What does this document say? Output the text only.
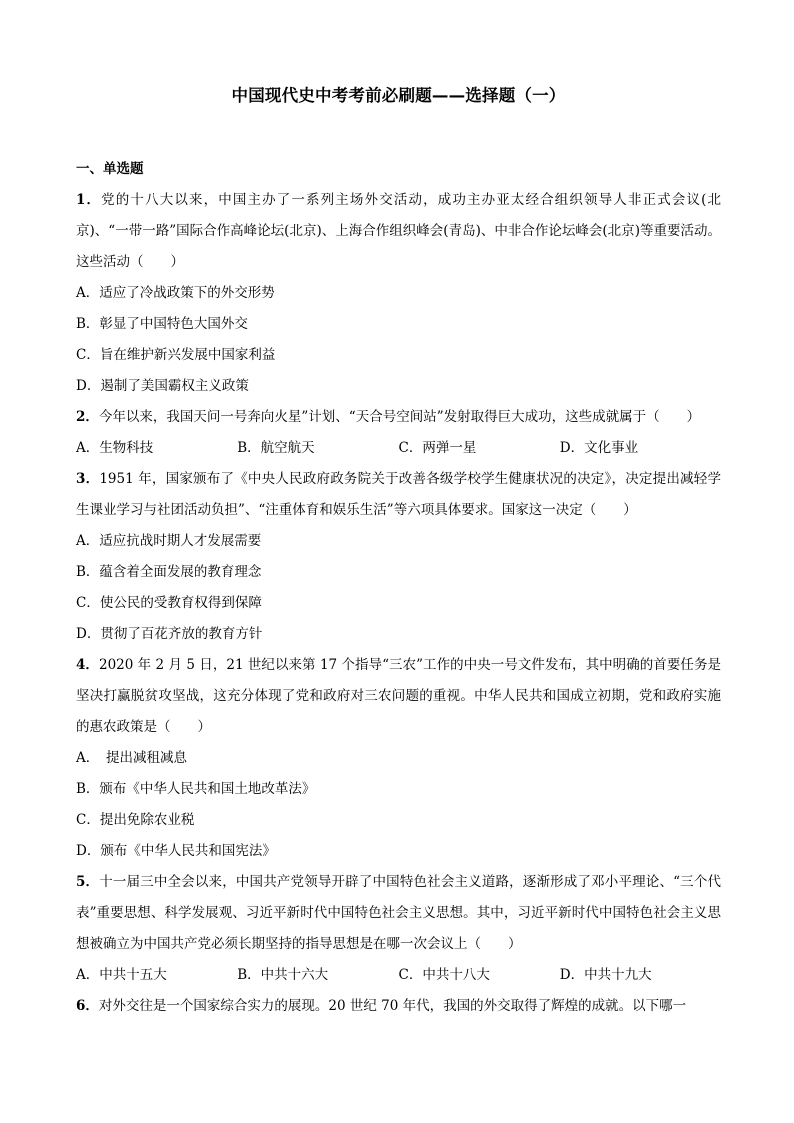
中国现代史中考考前必刷题——选择题（一）
一、单选题
1．党的十八大以来，中国主办了一系列主场外交活动，成功主办亚太经合组织领导人非正式会议(北京)、“一带一路”国际合作高峰论坛(北京)、上海合作组织峰会(青岛)、中非合作论坛峰会(北京)等重要活动。这些活动（　　）
A．适应了冷战政策下的外交形势
B．彰显了中国特色大国外交
C．旨在维护新兴发展中国家利益
D．遏制了美国霸权主义政策
2．今年以来，我国天问一号奔向火星”计划、“天合号空间站”发射取得巨大成功，这些成就属于（　　）
A．生物科技	B．航空航天	C．两弹一星	D．文化事业
3．1951 年，国家颁布了《中央人民政府政务院关于改善各级学校学生健康状况的决定》，决定提出减轻学生课业学习与社团活动负担”、“注重体育和娱乐生活”等六项具体要求。国家这一决定（　　）
A．适应抗战时期人才发展需要
B．蕴含着全面发展的教育理念
C．使公民的受教育权得到保障
D．贯彻了百花齐放的教育方针
4．2020 年 2 月 5 日，21 世纪以来第 17 个指导“三农”工作的中央一号文件发布，其中明确的首要任务是坚决打赢脱贫攻坚战，这充分体现了党和政府对三农问题的重视。中华人民共和国成立初期，党和政府实施的惠农政策是（　　）
A．　提出减租减息
B．颁布《中华人民共和国土地改革法》
C．提出免除农业税
D．颁布《中华人民共和国宪法》
5．十一届三中全会以来，中国共产党领导开辟了中国特色社会主义道路，逐渐形成了邓小平理论、“三个代表”重要思想、科学发展观、习近平新时代中国特色社会主义思想。其中，习近平新时代中国特色社会主义思想被确立为中国共产党必须长期坚持的指导思想是在哪一次会议上（　　）
A．中共十五大	B．中共十六大	C．中共十八大	D．中共十九大
6．对外交往是一个国家综合实力的展现。20 世纪 70 年代，我国的外交取得了辉煌的成就。以下哪一
